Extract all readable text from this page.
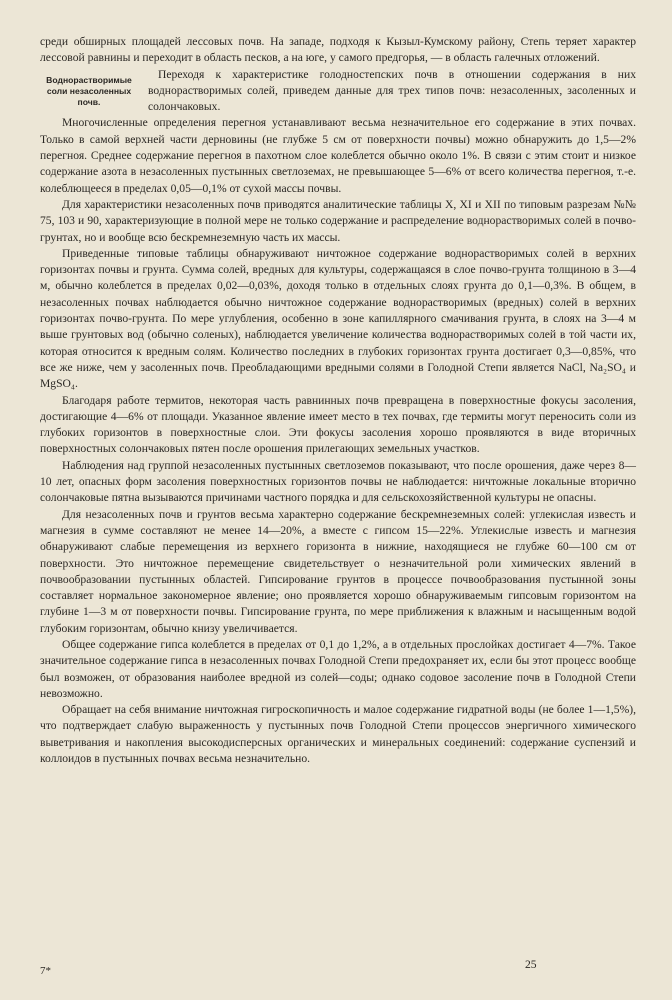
среди обширных площадей лессовых почв. На западе, подходя к Кызыл-Кумскому району, Степь теряет характер лессовой равнины и переходит в область песков, а на юге, у самого предгорья, — в область галечных отложений.

Воднорастворимые соли незасоленных почв.

Переходя к характеристике голодностепских почв в отношении содержания в них воднорастворимых солей, приведем данные для трех типов почв: незасоленных, засоленных и солончаковых.

Многочисленные определения перегноя устанавливают весьма незначительное его содержание в этих почвах. Только в самой верхней части дерновины (не глубже 5 см от поверхности почвы) можно обнаружить до 1,5—2% перегноя. Среднее содержание перегноя в пахотном слое колеблется обычно около 1%. В связи с этим стоит и низкое содержание азота в незасоленных пустынных светлоземах, не превышающее 5—6% от всего количества перегноя, т.-е. колеблющееся в пределах 0,05—0,1% от сухой массы почвы.

Для характеристики незасоленных почв приводятся аналитические таблицы X, XI и XII по типовым разрезам №№ 75, 103 и 90, характеризующие в полной мере не только содержание и распределение воднорастворимых солей в почво-грунтах, но и вообще всю бескремнеземную часть их массы.

Приведенные типовые таблицы обнаруживают ничтожное содержание воднорастворимых солей в верхних горизонтах почвы и грунта. Сумма солей, вредных для культуры, содержащаяся в слое почво-грунта толщиною в 3—4 м, обычно колеблется в пределах 0,02—0,03%, доходя только в отдельных слоях грунта до 0,1—0,3%. В общем, в незасоленных почвах наблюдается обычно ничтожное содержание воднорастворимых (вредных) солей в верхних горизонтах почво-грунта. По мере углубления, особенно в зоне капиллярного смачивания грунта, в слоях на 3—4 м выше грунтовых вод (обычно соленых), наблюдается увеличение количества воднорастворимых солей в той части их, которая относится к вредным солям. Количество последних в глубоких горизонтах грунта достигает 0,3—0,85%, что все же ниже, чем у засоленных почв. Преобладающими вредными солями в Голодной Степи является NaCl, Na₂SO₄ и MgSO₄.

Благодаря работе термитов, некоторая часть равнинных почв превращена в поверхностные фокусы засоления, достигающие 4—6% от площади. Указанное явление имеет место в тех почвах, где термиты могут переносить соли из глубоких горизонтов в поверхностные слои. Эти фокусы засоления хорошо проявляются в виде вторичных поверхностных солончаковых пятен после орошения прилегающих земельных участков.

Наблюдения над группой незасоленных пустынных светлоземов показывают, что после орошения, даже через 8—10 лет, опасных форм засоления поверхностных горизонтов почвы не наблюдается: ничтожные локальные вторично солончаковые пятна вызываются причинами частного порядка и для сельскохозяйственной культуры не опасны.

Для незасоленных почв и грунтов весьма характерно содержание бескремнеземных солей: углекислая известь и магнезия в сумме составляют не менее 14—20%, а вместе с гипсом 15—22%. Углекислые известь и магнезия обнаруживают слабые перемещения из верхнего горизонта в нижние, находящиеся не глубже 60—100 см от поверхности. Это ничтожное перемещение свидетельствует о незначительной роли химических явлений в почвообразовании пустынных областей. Гипсирование грунтов в процессе почвообразования пустынной зоны составляет нормальное закономерное явление; оно проявляется хорошо обнаруживаемым гипсовым горизонтом на глубине 1—3 м от поверхности почвы. Гипсирование грунта, по мере приближения к влажным и насыщенным водой глубоким горизонтам, обычно книзу увеличивается.

Общее содержание гипса колеблется в пределах от 0,1 до 1,2%, а в отдельных прослойках достигает 4—7%. Такое значительное содержание гипса в незасоленных почвах Голодной Степи предохраняет их, если бы этот процесс вообще был возможен, от образования наиболее вредной из солей—соды; однако содовое засоление почв в Голодной Степи невозможно.

Обращает на себя внимание ничтожная гигроскопичность и малое содержание гидратной воды (не более 1—1,5%), что подтверждает слабую выраженность у пустынных почв Голодной Степи процессов энергичного химического выветривания и накопления высокодисперсных органических и минеральных соединений: содержание суспензий и коллоидов в пустынных почвах весьма незначительно.

7*	25
